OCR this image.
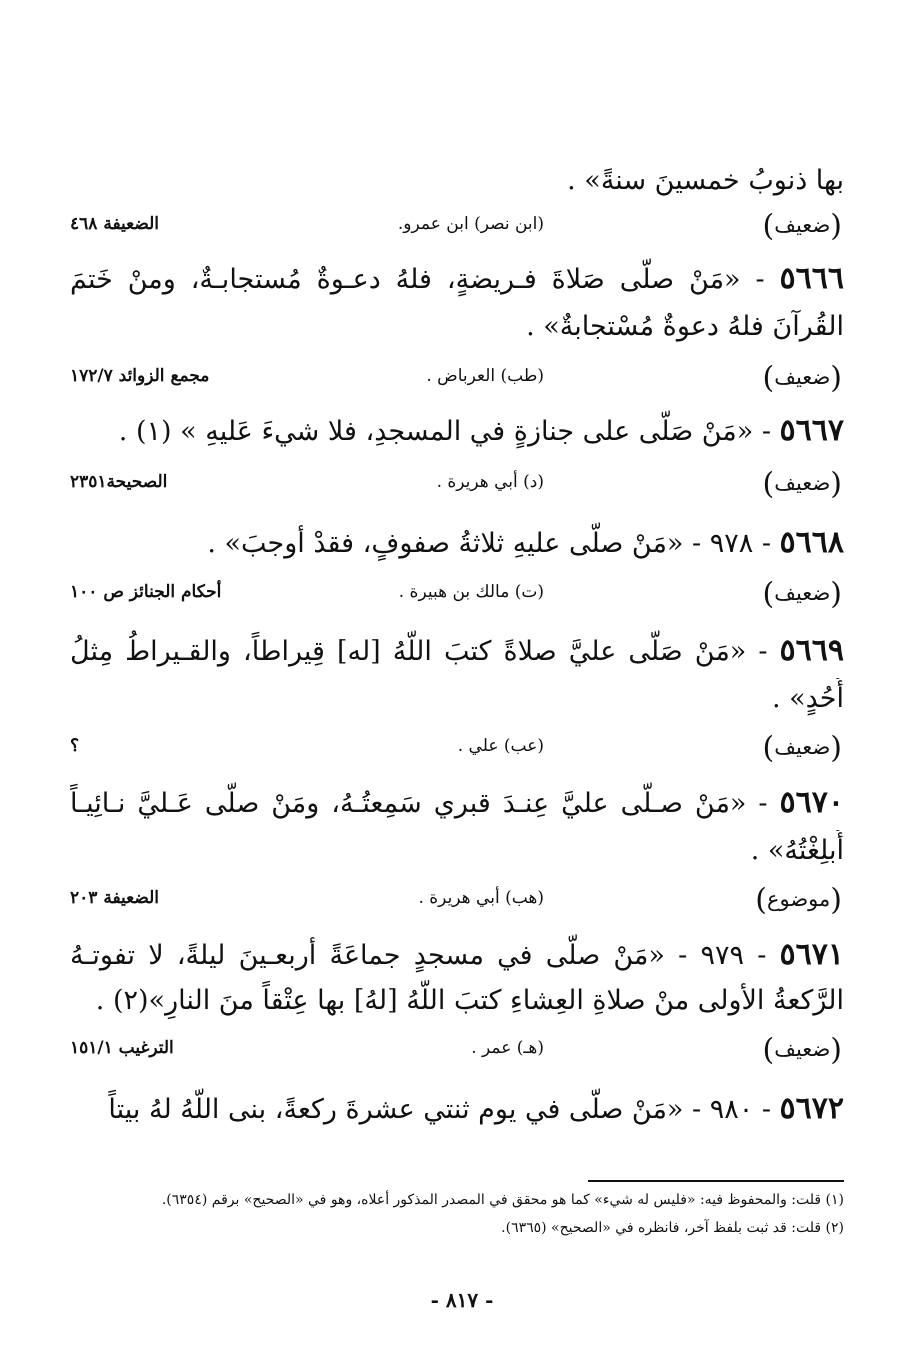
بها ذنوبُ خمسينَ سنةً» .
(ضعيف)
(ابن نصر) ابن عمرو.
الضعيفة ٤٦٨
٥٦٦٦ - «مَنْ صلّى صَلاةَ فـريضةٍ، فلهُ دعـوةٌ مُستجابـةٌ، ومنْ خَتمَ
القُرآنَ فلهُ دعوةٌ مُسْتجابةٌ» .
(ضعيف)
(طب) العرباض .
مجمع الزوائد ١٧٢/٧
٥٦٦٧ - «مَنْ صَلّى على جنازةٍ في المسجدِ، فلا شيءَ عَليهِ » (١) .
(ضعيف)
(د) أبي هريرة .
الصحيحة٢٣٥١
٥٦٦٨ - ٩٧٨ - «مَنْ صلّى عليهِ ثلاثةُ صفوفٍ، فقدْ أوجبَ» .
(ضعيف)
(ت) مالك بن هبيرة .
أحكام الجنائز ص ١٠٠
٥٦٦٩ - «مَنْ صَلّى عليَّ صلاةً كتبَ اللّهُ [له] قِيراطاً، والقـيراطُ مِثلُ
أُحُدٍ» .
(ضعيف)
(عب) علي .
؟
٥٦٧٠ - «مَنْ صـلّى عليَّ عِنـدَ قبري سَمِعتُـهُ، ومَنْ صلّى عَـليَّ نـائِيـاً
أُبلِغْتُهُ» .
(موضوع)
(هب) أبي هريرة .
الضعيفة ٢٠٣
٥٦٧١ - ٩٧٩ - «مَنْ صلّى في مسجدٍ جماعَةً أربعـينَ ليلةً، لا تفوتـهُ
الرَّكعةُ الأولى منْ صلاةِ العِشاءِ كتبَ اللّهُ [لهُ] بها عِتْقاً منَ النارِ»(٢) .
(ضعيف)
(هـ) عمر .
الترغيب ١٥١/١
٥٦٧٢ - ٩٨٠ - «مَنْ صلّى في يوم ثنتي عشرةَ ركعةً، بنى اللّهُ لهُ بيتاً
(١) قلت: والمحفوظ فيه: «فليس له شيء» كما هو محقق في المصدر المذكور أعلاه، وهو في «الصحيح» برقم (٦٣٥٤).
(٢) قلت: قد ثبت بلفظ آخر، فانظره في «الصحيح» (٦٣٦٥).
- ٨١٧ -
